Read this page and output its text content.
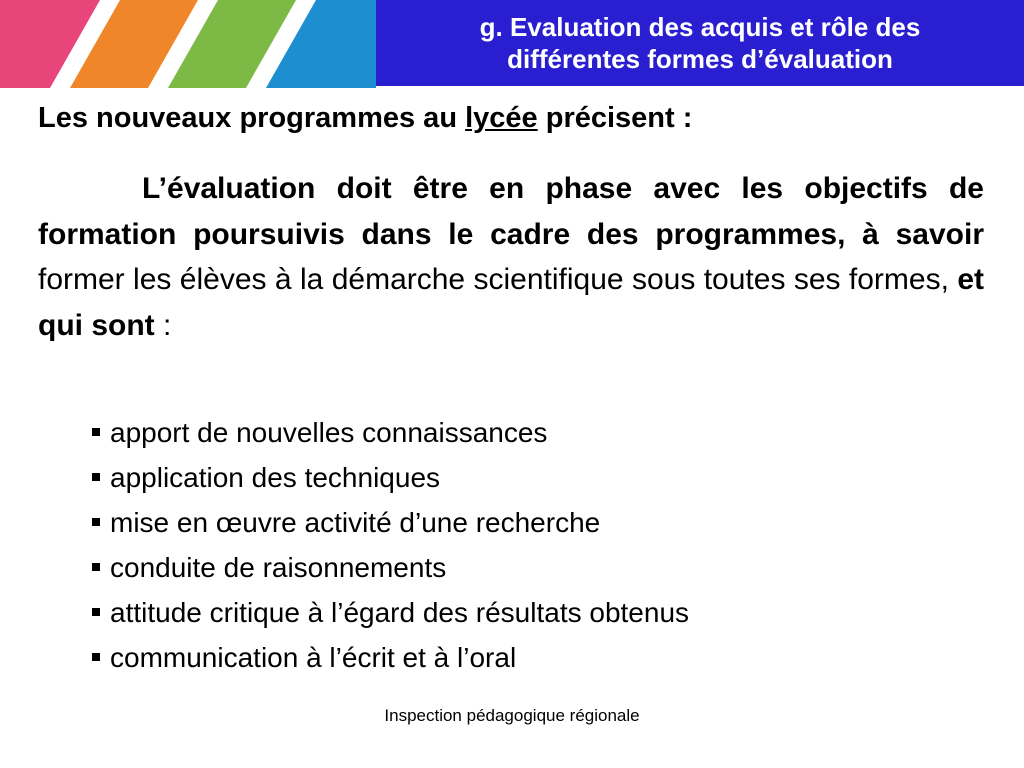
g. Evaluation des acquis et rôle des
différentes formes d’évaluation
Les nouveaux programmes au lycée précisent :
L’évaluation doit être en phase avec les objectifs de formation poursuivis dans le cadre des programmes, à savoir former les élèves à la démarche scientifique sous toutes ses formes, et qui sont :
apport de nouvelles connaissances
application des techniques
mise en œuvre activité d’une recherche
conduite de raisonnements
attitude critique à l’égard des résultats obtenus
communication à l’écrit et à l’oral
Inspection pédagogique régionale
